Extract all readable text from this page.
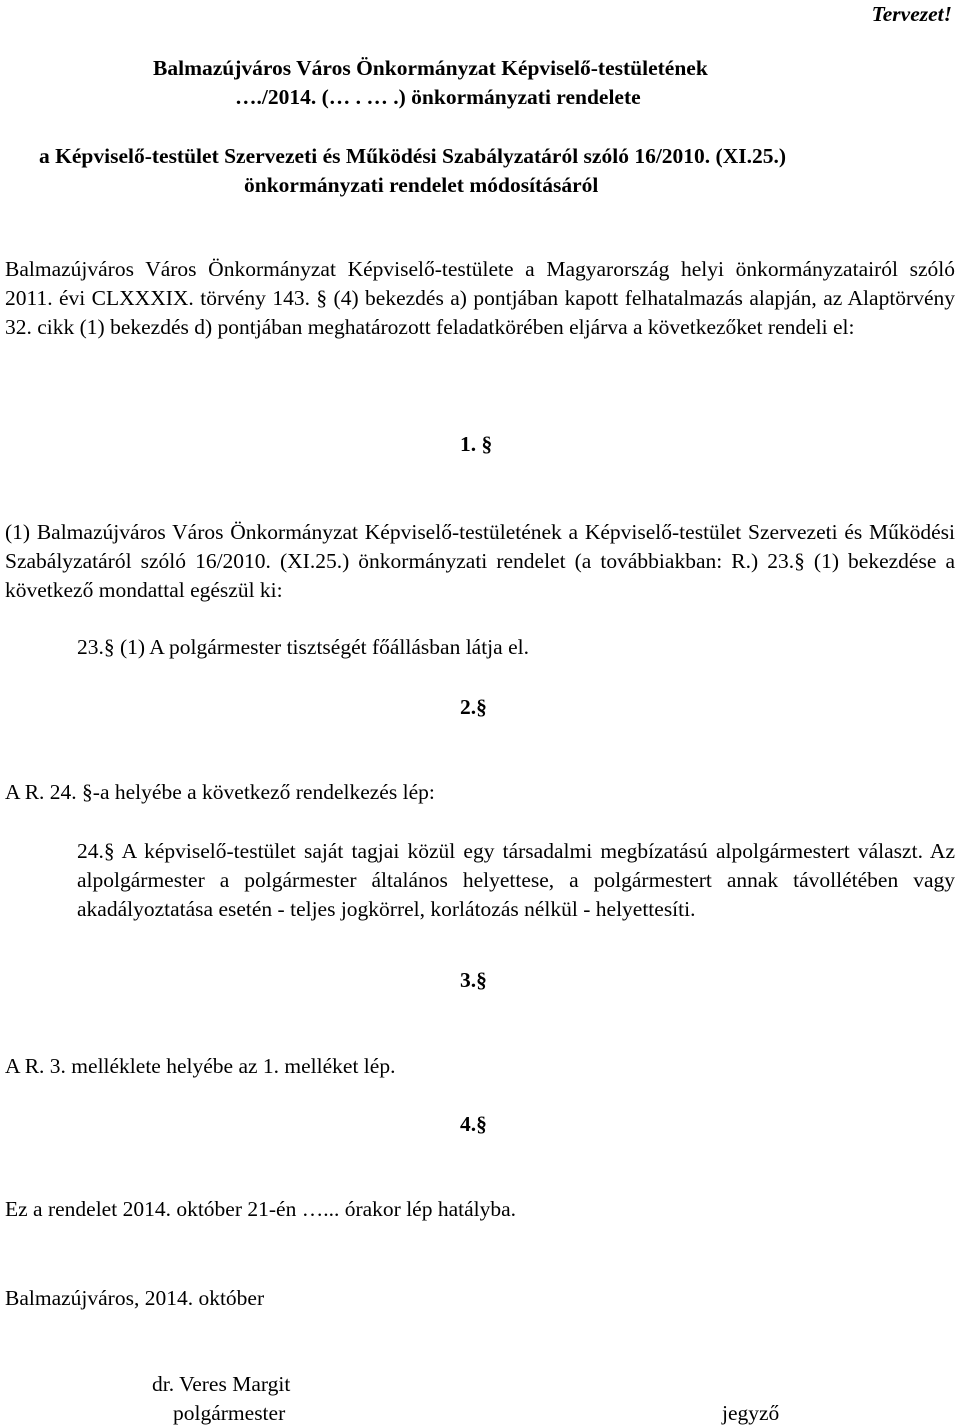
Tervezet!
Balmazújváros Város Önkormányzat Képviselő-testületének
…./2014. (… . … .) önkormányzati rendelete
a Képviselő-testület Szervezeti és Működési Szabályzatáról szóló 16/2010. (XI.25.)
önkormányzati rendelet módosításáról
Balmazújváros Város Önkormányzat Képviselő-testülete a Magyarország helyi önkormányzatairól szóló 2011. évi CLXXXIX. törvény 143. § (4) bekezdés a) pontjában kapott felhatalmazás alapján, az Alaptörvény 32. cikk (1) bekezdés d) pontjában meghatározott feladatkörében eljárva a következőket rendeli el:
1. §
(1) Balmazújváros Város Önkormányzat Képviselő-testületének a Képviselő-testület Szervezeti és Működési Szabályzatáról szóló 16/2010. (XI.25.) önkormányzati rendelet (a továbbiakban: R.) 23.§ (1) bekezdése a következő mondattal egészül ki:
23.§ (1) A polgármester tisztségét főállásban látja el.
2.§
A R. 24. §-a helyébe a következő rendelkezés lép:
24.§ A képviselő-testület saját tagjai közül egy társadalmi megbízatású alpolgármestert választ. Az alpolgármester a polgármester általános helyettese, a polgármestert annak távollétében vagy akadályoztatása esetén - teljes jogkörrel, korlátozás nélkül - helyettesíti.
3.§
A R. 3. melléklete helyébe az 1. melléket lép.
4.§
Ez a rendelet 2014. október 21-én …... órakor lép hatályba.
Balmazújváros, 2014. október
dr. Veres Margit
polgármester	jegyző
